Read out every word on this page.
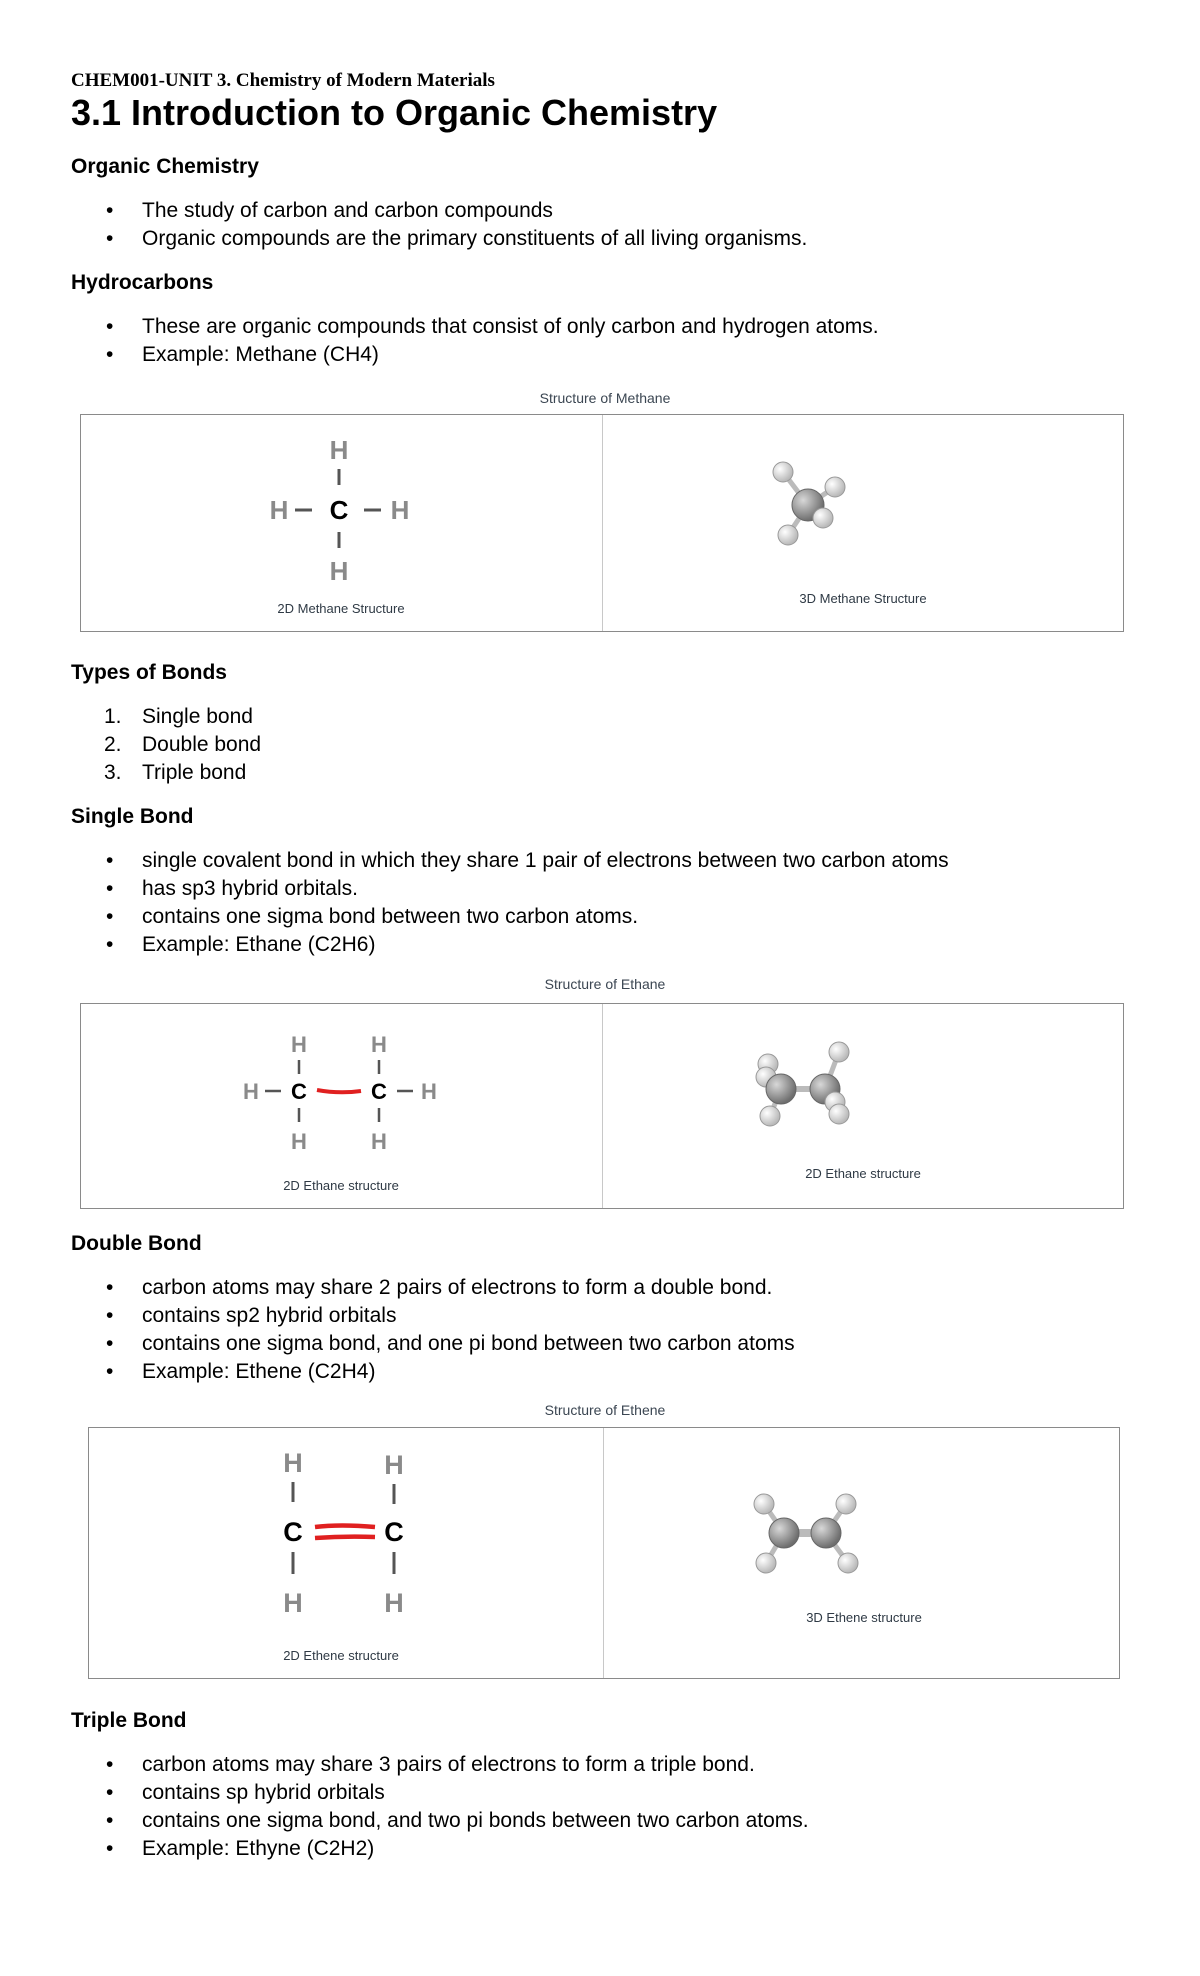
CHEM001-UNIT 3. Chemistry of Modern Materials

3.1 Introduction to Organic Chemistry
Organic Chemistry
•	The study of carbon and carbon compounds
•	Organic compounds are the primary constituents of all living organisms.
Hydrocarbons
•	These are organic compounds that consist of only carbon and hydrogen atoms.
•	Example: Methane (CH4)

Structure of Methane

H
H C H
H

2D Methane Structure

3D Methane Structure

Types of Bonds
1. Single bond
2. Double bond
3. Triple bond
Single Bond
•	single covalent bond in which they share 1 pair of electrons between two carbon atoms
•	has sp3 hybrid orbitals.
•	contains one sigma bond between two carbon atoms.
•	Example: Ethane (C2H6)

Structure of Ethane

H	H
H C	C H
H	H

2D Ethane structure

2D Ethane structure

Double Bond
•	carbon atoms may share 2 pairs of electrons to form a double bond.
•	contains sp2 hybrid orbitals
•	contains one sigma bond, and one pi bond between two carbon atoms
•	Example: Ethene (C2H4)

Structure of Ethene

H	H
C	C
H	H

2D Ethene structure

3D Ethene structure

Triple Bond
•	carbon atoms may share 3 pairs of electrons to form a triple bond.
•	contains sp hybrid orbitals
•	contains one sigma bond, and two pi bonds between two carbon atoms.
•	Example: Ethyne (C2H2)
